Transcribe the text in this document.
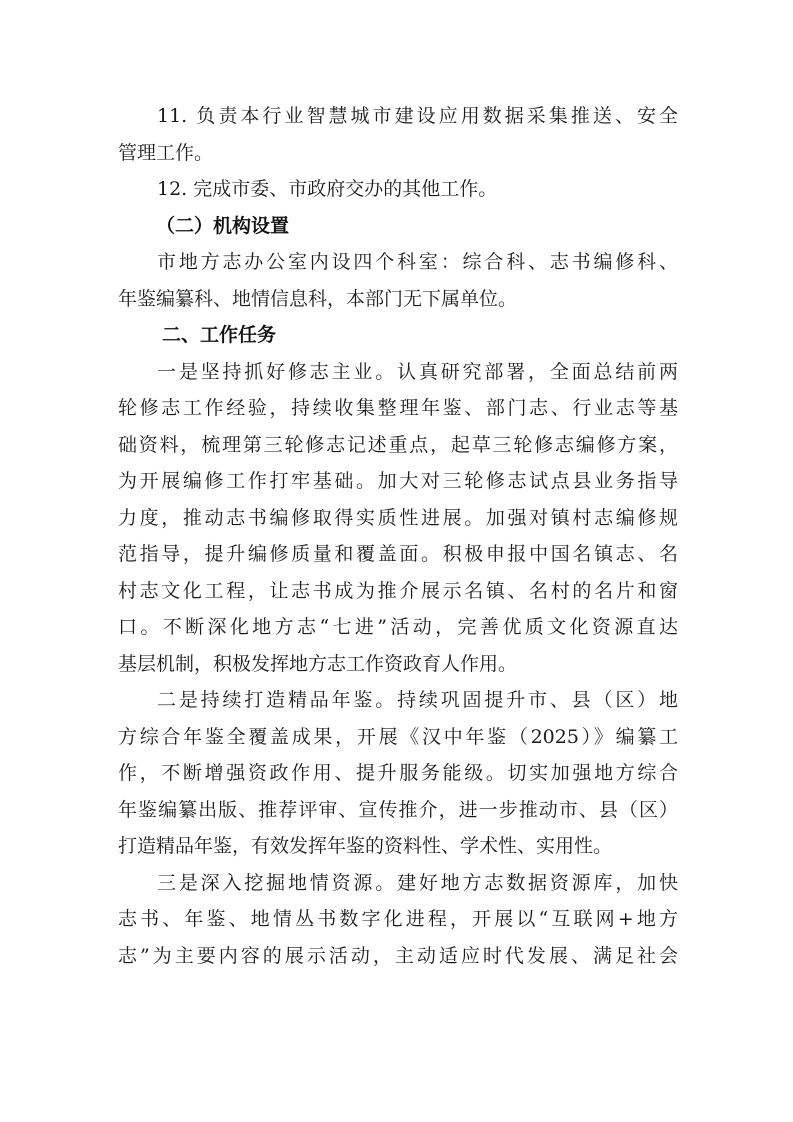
11. 负责本行业智慧城市建设应用数据采集推送、安全
管理工作。
12. 完成市委、市政府交办的其他工作。
（二）机构设置
市地方志办公室内设四个科室：综合科、志书编修科、
年鉴编纂科、地情信息科，本部门无下属单位。
二、工作任务
一是坚持抓好修志主业。认真研究部署，全面总结前两
轮修志工作经验，持续收集整理年鉴、部门志、行业志等基
础资料，梳理第三轮修志记述重点，起草三轮修志编修方案，
为开展编修工作打牢基础。加大对三轮修志试点县业务指导
力度，推动志书编修取得实质性进展。加强对镇村志编修规
范指导，提升编修质量和覆盖面。积极申报中国名镇志、名
村志文化工程，让志书成为推介展示名镇、名村的名片和窗
口。不断深化地方志“七进”活动，完善优质文化资源直达
基层机制，积极发挥地方志工作资政育人作用。
二是持续打造精品年鉴。持续巩固提升市、县（区）地
方综合年鉴全覆盖成果，开展《汉中年鉴（2025）》编纂工
作，不断增强资政作用、提升服务能级。切实加强地方综合
年鉴编纂出版、推荐评审、宣传推介，进一步推动市、县（区）
打造精品年鉴，有效发挥年鉴的资料性、学术性、实用性。
三是深入挖掘地情资源。建好地方志数据资源库，加快
志书、年鉴、地情丛书数字化进程，开展以“互联网+地方
志”为主要内容的展示活动，主动适应时代发展、满足社会
